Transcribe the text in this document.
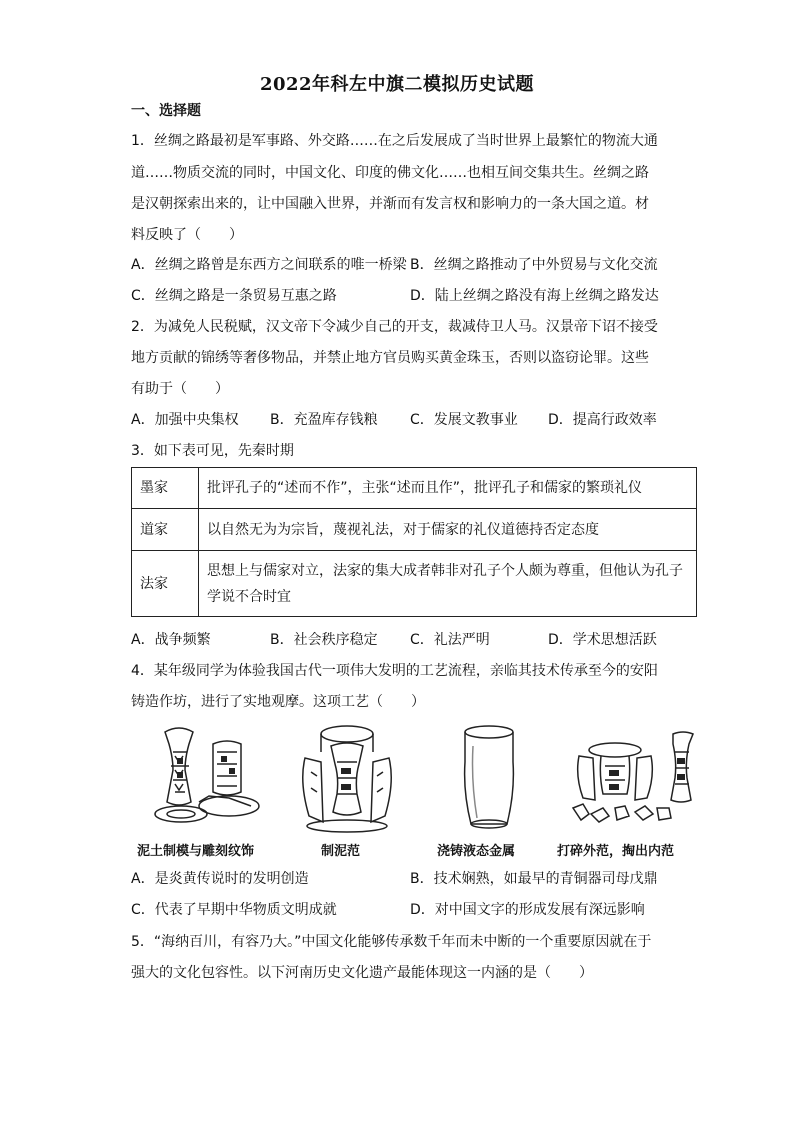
2022年科左中旗二模拟历史试题
一、选择题
1．丝绸之路最初是军事路、外交路……在之后发展成了当时世界上最繁忙的物流大通
道……物质交流的同时，中国文化、印度的佛文化……也相互间交集共生。丝绸之路
是汉朝探索出来的，让中国融入世界，并渐而有发言权和影响力的一条大国之道。材
料反映了（　　）
A．丝绸之路曾是东西方之间联系的唯一桥梁 B．丝绸之路推动了中外贸易与文化交流
C．丝绸之路是一条贸易互惠之路	D．陆上丝绸之路没有海上丝绸之路发达
2．为减免人民税赋，汉文帝下令减少自己的开支，裁减侍卫人马。汉景帝下诏不接受
地方贡献的锦绣等奢侈物品，并禁止地方官员购买黄金珠玉，否则以盗窃论罪。这些
有助于（　　）
A．加强中央集权 B．充盈库存钱粮 C．发展文教事业 D．提高行政效率
3．如下表可见，先秦时期
墨家	批评孔子的“述而不作”，主张“述而且作”，批评孔子和儒家的繁琐礼仪
道家	以自然无为为宗旨，蔑视礼法，对于儒家的礼仪道德持否定态度
法家	思想上与儒家对立，法家的集大成者韩非对孔子个人颇为尊重，但他认为孔子学说不合时宜
A．战争频繁	B．社会秩序稳定 C．礼法严明	D．学术思想活跃
4．某年级同学为体验我国古代一项伟大发明的工艺流程，亲临其技术传承至今的安阳
铸造作坊，进行了实地观摩。这项工艺（　　）
泥土制模与雕刻纹饰	制泥范	浇铸液态金属	打碎外范，掏出内范
A．是炎黄传说时的发明创造	B．技术娴熟，如最早的青铜器司母戊鼎
C．代表了早期中华物质文明成就	D．对中国文字的形成发展有深远影响
5．“海纳百川，有容乃大。”中国文化能够传承数千年而未中断的一个重要原因就在于
强大的文化包容性。以下河南历史文化遗产最能体现这一内涵的是（　　）
